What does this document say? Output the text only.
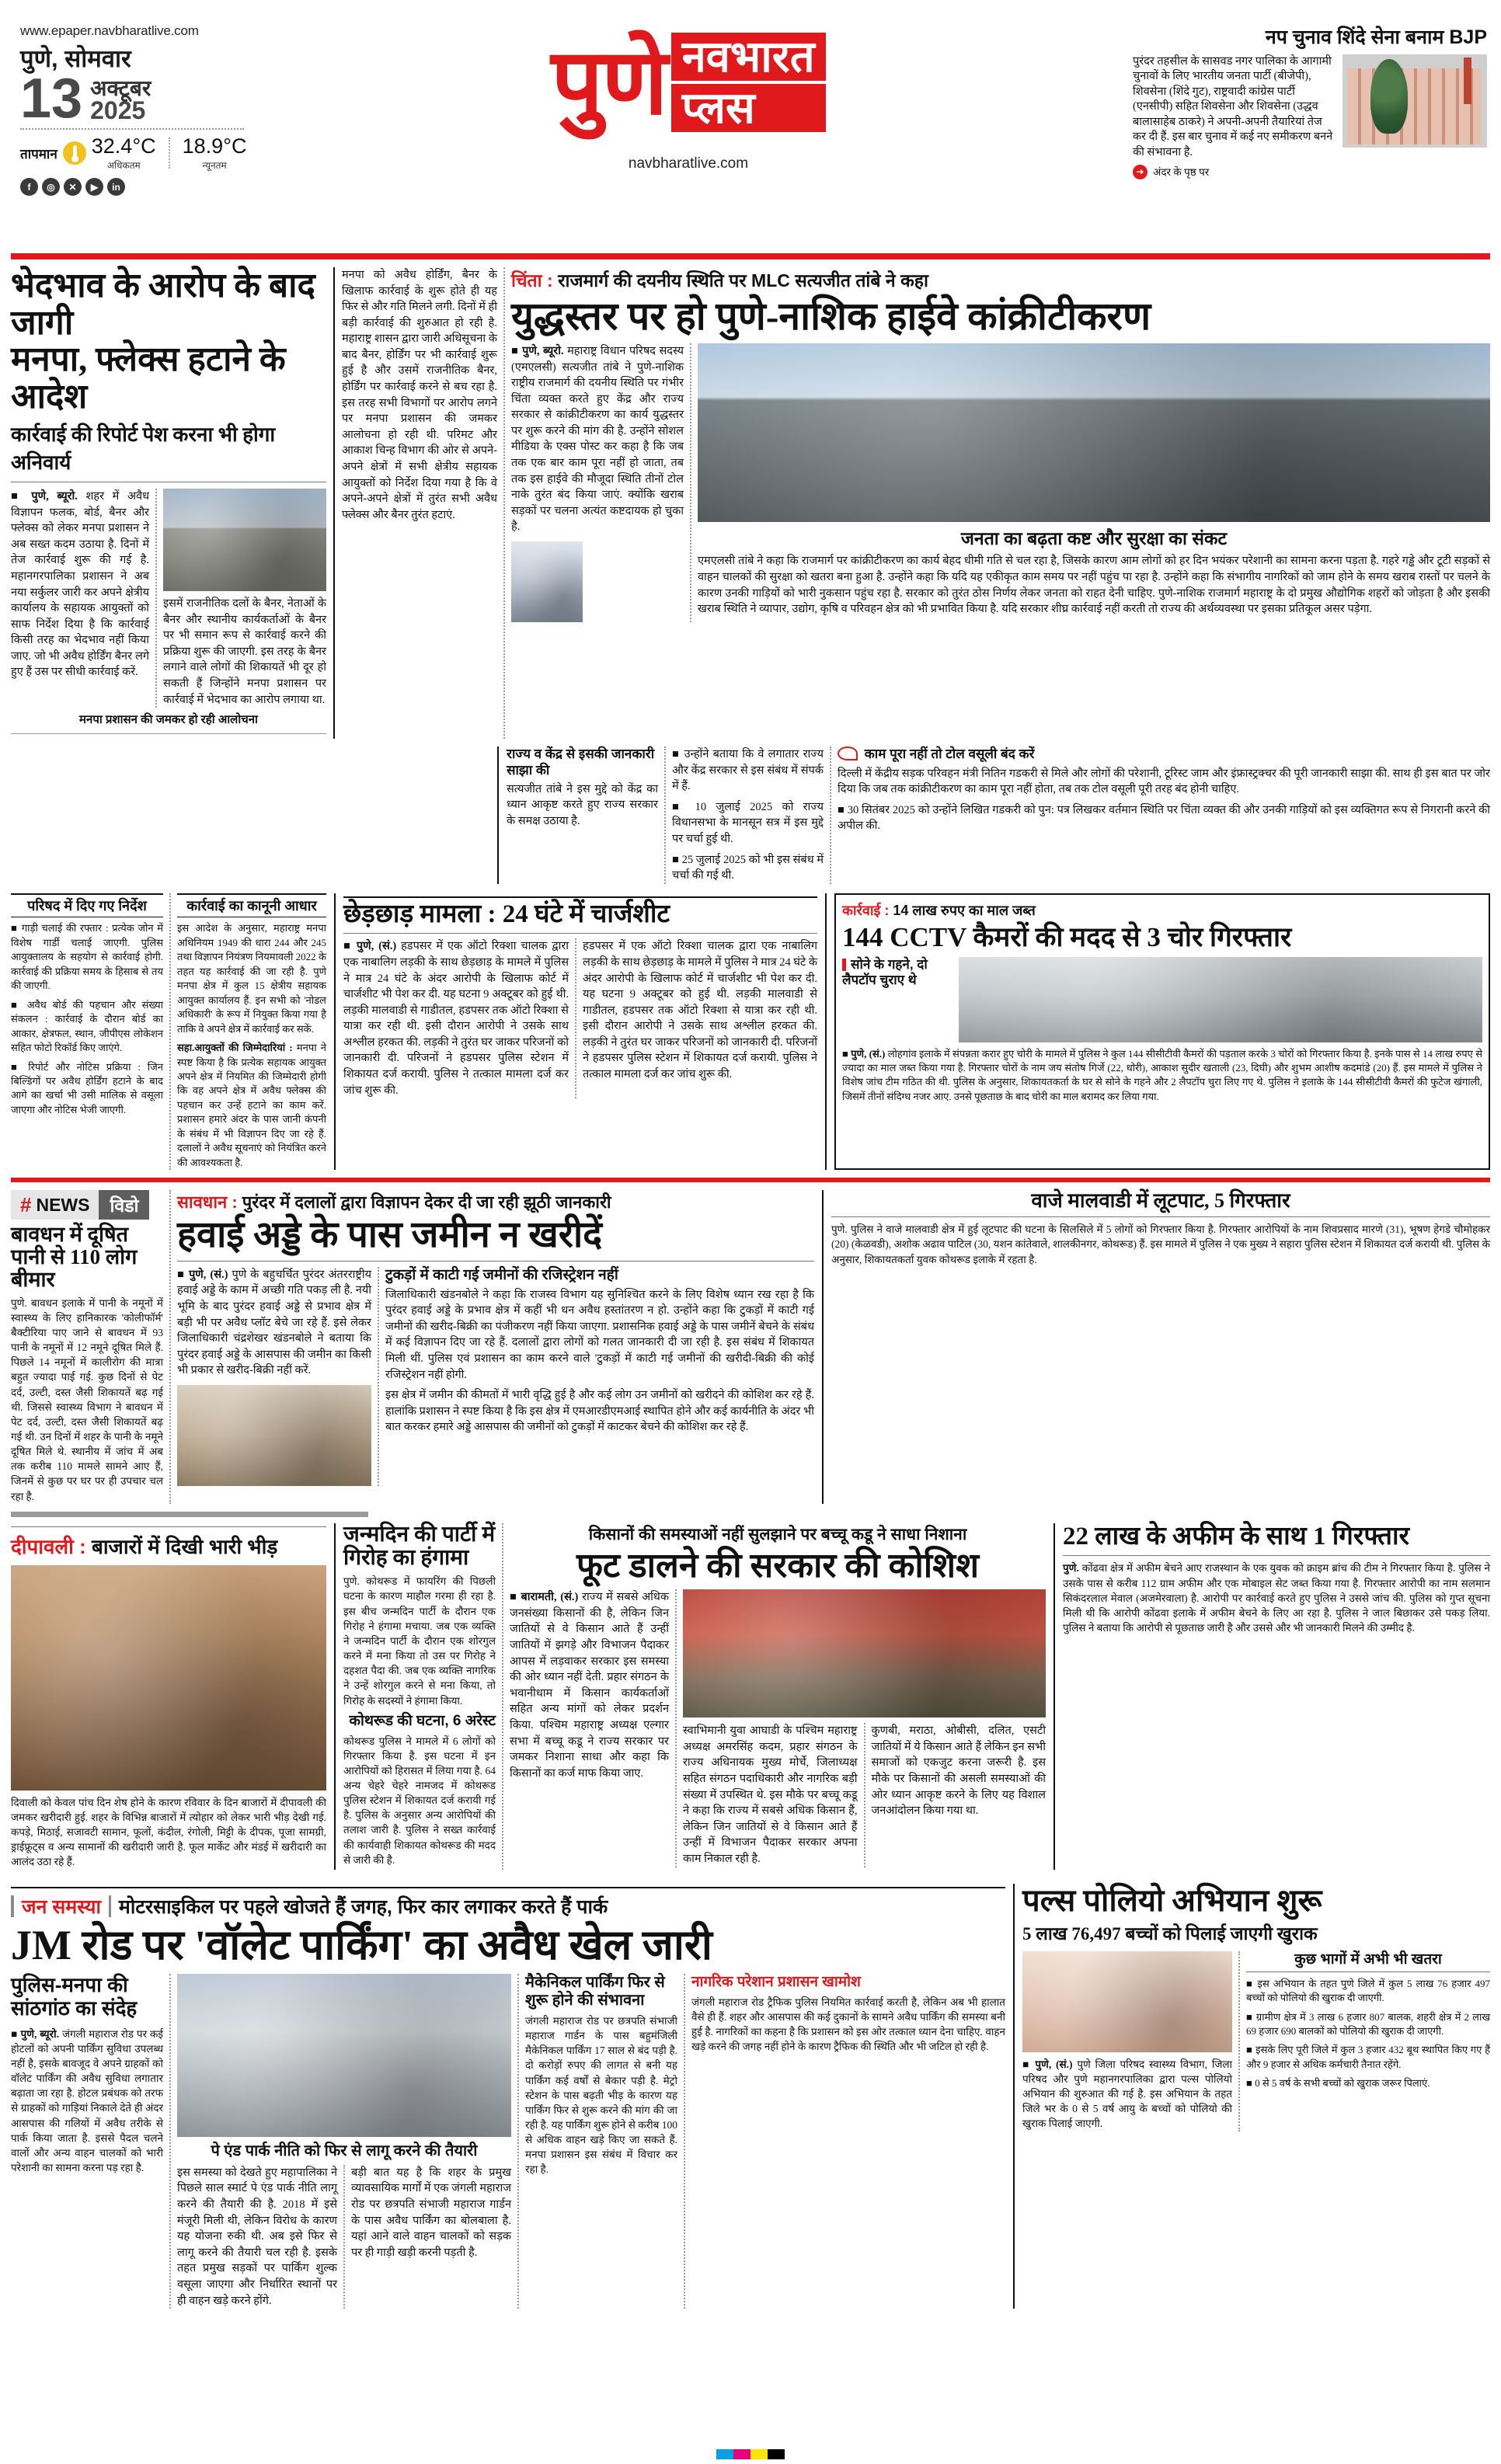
www.epaper.navbharatlive.com
पुणे, सोमवार
13 अक्टूबर
2025
तापमान 32.4°C
अधिकतम
18.9°C
न्यूनतम
f	◎	✕	▶	in
पुणे नवभारत
प्लस
navbharatlive.com
नप चुनाव शिंदे सेना बनाम BJP
पुरंदर तहसील के सासवड नगर पालिका के आगामी चुनावों के लिए भारतीय जनता पार्टी (बीजेपी), शिवसेना (शिंदे गुट), राष्ट्रवादी कांग्रेस पार्टी (एनसीपी) सहित शिवसेना और शिवसेना (उद्धव बालासाहेब ठाकरे) ने अपनी-अपनी तैयारियां तेज कर दी हैं. इस बार चुनाव में कई नए समीकरण बनने की संभावना है.
➜ अंदर के पृष्ठ पर
भेदभाव के आरोप के बाद जागी
मनपा, फ्लेक्स हटाने के आदेश
कार्रवाई की रिपोर्ट पेश करना भी होगा अनिवार्य
■ पुणे, ब्यूरो. शहर में अवैध विज्ञापन फलक, बोर्ड, बैनर और फ्लेक्स को लेकर मनपा प्रशासन ने अब सख्त कदम उठाया है. दिनों में तेज कार्रवाई शुरू की गई है. महानगरपालिका प्रशासन ने अब नया सर्कुलर जारी कर अपने क्षेत्रीय कार्यालय के सहायक आयुक्तों को साफ निर्देश दिया है कि कार्रवाई किसी तरह का भेदभाव नहीं किया जाए. जो भी अवैध होर्डिंग बैनर लगे हुए हैं उस पर सीधी कार्रवाई करें.
इसमें राजनीतिक दलों के बैनर, नेताओं के बैनर और स्थानीय कार्यकर्ताओं के बैनर पर भी समान रूप से कार्रवाई करने की प्रक्रिया शुरू की जाएगी. इस तरह के बैनर लगाने वाले लोगों की शिकायतें भी दूर हो सकती हैं जिन्होंने मनपा प्रशासन पर कार्रवाई में भेदभाव का आरोप लगाया था.
मनपा प्रशासन की जमकर हो रही आलोचना
मनपा को अवैध होर्डिंग, बैनर के खिलाफ कार्रवाई के शुरू होते ही यह फिर से और गति मिलने लगी. दिनों में ही बड़ी कार्रवाई की शुरुआत हो रही है. महाराष्ट्र शासन द्वारा जारी अधिसूचना के बाद बैनर, होर्डिंग पर भी कार्रवाई शुरू हुई है और उसमें राजनीतिक बैनर, होर्डिंग पर कार्रवाई करने से बच रहा है. इस तरह सभी विभागों पर आरोप लगने पर मनपा प्रशासन की जमकर आलोचना हो रही थी. परिमट और आकाश चिन्ह विभाग की ओर से अपने-अपने क्षेत्रों में सभी क्षेत्रीय सहायक आयुक्तों को निर्देश दिया गया है कि वे अपने-अपने क्षेत्रों में तुरंत सभी अवैध फ्लेक्स और बैनर तुरंत हटाएं.
चिंता : राजमार्ग की दयनीय स्थिति पर MLC सत्यजीत तांबे ने कहा
युद्धस्तर पर हो पुणे-नाशिक हाईवे कांक्रीटीकरण
■ पुणे, ब्यूरो. महाराष्ट्र विधान परिषद सदस्य (एमएलसी) सत्यजीत तांबे ने पुणे-नाशिक राष्ट्रीय राजमार्ग की दयनीय स्थिति पर गंभीर चिंता व्यक्त करते हुए केंद्र और राज्य सरकार से कांक्रीटीकरण का कार्य युद्धस्तर पर शुरू करने की मांग की है. उन्होंने सोशल मीडिया के एक्स पोस्ट कर कहा है कि जब तक एक बार काम पूरा नहीं हो जाता, तब तक इस हाईवे की मौजूदा स्थिति तीनों टोल नाके तुरंत बंद किया जाएं. क्योंकि खराब सड़कों पर चलना अत्यंत कष्टदायक हो चुका है.
जनता का बढ़ता कष्ट और सुरक्षा का संकट
एमएलसी तांबे ने कहा कि राजमार्ग पर कांक्रीटीकरण का कार्य बेहद धीमी गति से चल रहा है, जिसके कारण आम लोगों को हर दिन भयंकर परेशानी का सामना करना पड़ता है. गहरे गड्ढे और टूटी सड़कों से वाहन चालकों की सुरक्षा को खतरा बना हुआ है. उन्होंने कहा कि यदि यह एकीकृत काम समय पर नहीं पहुंच पा रहा है. उन्होंने कहा कि संभागीय नागरिकों को जाम होने के समय खराब रास्तों पर चलने के कारण उनकी गाड़ियों को भारी नुकसान पहुंच रहा है. सरकार को तुरंत ठोस निर्णय लेकर जनता को राहत देनी चाहिए. पुणे-नाशिक राजमार्ग महाराष्ट्र के दो प्रमुख औद्योगिक शहरों को जोड़ता है और इसकी खराब स्थिति ने व्यापार, उद्योग, कृषि व परिवहन क्षेत्र को भी प्रभावित किया है. यदि सरकार शीघ्र कार्रवाई नहीं करती तो राज्य की अर्थव्यवस्था पर इसका प्रतिकूल असर पड़ेगा.
राज्य व केंद्र से इसकी जानकारी साझा की
सत्यजीत तांबे ने इस मुद्दे को केंद्र का ध्यान आकृष्ट करते हुए राज्य सरकार के समक्ष उठाया है.
■ उन्होंने बताया कि वे लगातार राज्य और केंद्र सरकार से इस संबंध में संपर्क में हैं.
■ 10 जुलाई 2025 को राज्य विधानसभा के मानसून सत्र में इस मुद्दे पर चर्चा हुई थी.
■ 25 जुलाई 2025 को भी इस संबंध में चर्चा की गई थी.
काम पूरा नहीं तो टोल वसूली बंद करें
दिल्ली में केंद्रीय सड़क परिवहन मंत्री नितिन गडकरी से मिले और लोगों की परेशानी, टूरिस्ट जाम और इंफ्रास्ट्रक्चर की पूरी जानकारी साझा की. साथ ही इस बात पर जोर दिया कि जब तक कांक्रीटीकरण का काम पूरा नहीं होता, तब तक टोल वसूली पूरी तरह बंद होनी चाहिए.
■ 30 सितंबर 2025 को उन्होंने लिखित गडकरी को पुन: पत्र लिखकर वर्तमान स्थिति पर चिंता व्यक्त की और उनकी गाड़ियों को इस व्यक्तिगत रूप से निगरानी करने की अपील की.
परिषद में दिए गए निर्देश
■ गाड़ी चलाई की रफ्तार : प्रत्येक जोन में विशेष गार्डी चलाई जाएगी. पुलिस आयुक्तालय के सहयोग से कार्रवाई होगी. कार्रवाई की प्रक्रिया समय के हिसाब से तय की जाएगी.
■ अवैध बोर्ड की पहचान और संख्या संकलन : कार्रवाई के दौरान बोर्ड का आकार, क्षेत्रफल, स्थान, जीपीएस लोकेशन सहित फोटो रिकॉर्ड किए जाएंगे.
■ रिपोर्ट और नोटिस प्रक्रिया : जिन बिल्डिंगों पर अवैध होर्डिंग हटाने के बाद आगे का खर्चा भी उसी मालिक से वसूला जाएगा और नोटिस भेजी जाएगी.
कार्रवाई का कानूनी आधार
इस आदेश के अनुसार, महाराष्ट्र मनपा अधिनियम 1949 की धारा 244 और 245 तथा विज्ञापन नियंत्रण नियमावली 2022 के तहत यह कार्रवाई की जा रही है. पुणे मनपा क्षेत्र में कुल 15 क्षेत्रीय सहायक आयुक्त कार्यालय हैं. इन सभी को 'नोडल अधिकारी' के रूप में नियुक्त किया गया है ताकि वे अपने क्षेत्र में कार्रवाई कर सकें.
सहा.आयुक्तों की जिम्मेदारियां : मनपा ने स्पष्ट किया है कि प्रत्येक सहायक आयुक्त अपने क्षेत्र में नियमित की जिम्मेदारी होगी कि वह अपने क्षेत्र में अवैध फ्लेक्स की पहचान कर उन्हें हटाने का काम करें. प्रशासन हमारे अंदर के पास जानी कंपनी के संबंध में भी विज्ञापन दिए जा रहे हैं. दलालों ने अवैध सूचनाएं को नियंत्रित करने की आवश्यकता है.
छेड़छाड़ मामला : 24 घंटे में चार्जशीट
■ पुणे, (सं.) हडपसर में एक ऑटो रिक्शा चालक द्वारा एक नाबालिग लड़की के साथ छेड़छाड़ के मामले में पुलिस ने मात्र 24 घंटे के अंदर आरोपी के खिलाफ कोर्ट में चार्जशीट भी पेश कर दी. यह घटना 9 अक्टूबर को हुई थी. लड़की मालवाडी से गाडीतल, हडपसर तक ऑटो रिक्शा से यात्रा कर रही थी. इसी दौरान आरोपी ने उसके साथ अश्लील हरकत की. लड़की ने तुरंत घर जाकर परिजनों को जानकारी दी. परिजनों ने हडपसर पुलिस स्टेशन में शिकायत दर्ज करायी. पुलिस ने तत्काल मामला दर्ज कर जांच शुरू की.
हडपसर में एक ऑटो रिक्शा चालक द्वारा एक नाबालिग लड़की के साथ छेड़छाड़ के मामले में पुलिस ने मात्र 24 घंटे के अंदर आरोपी के खिलाफ कोर्ट में चार्जशीट भी पेश कर दी. यह घटना 9 अक्टूबर को हुई थी. लड़की मालवाडी से गाडीतल, हडपसर तक ऑटो रिक्शा से यात्रा कर रही थी. इसी दौरान आरोपी ने उसके साथ अश्लील हरकत की. लड़की ने तुरंत घर जाकर परिजनों को जानकारी दी. परिजनों ने हडपसर पुलिस स्टेशन में शिकायत दर्ज करायी. पुलिस ने तत्काल मामला दर्ज कर जांच शुरू की.
कार्रवाई : 14 लाख रुपए का माल जब्त
144 CCTV कैमरों की मदद से 3 चोर गिरफ्तार
सोने के गहने, दो लैपटॉप चुराए थे
■ पुणे, (सं.) लोहगांव इलाके में संपन्नता करार हुए चोरी के मामले में पुलिस ने कुल 144 सीसीटीवी कैमरों की पड़ताल करके 3 चोरों को गिरफ्तार किया है. इनके पास से 14 लाख रुपए से ज्यादा का माल जब्त किया गया है. गिरफ्तार चोरों के नाम जय संतोष गिर्जे (22, धोरी), आकाश सुदीर खताली (23, दिघी) और शुभम आशीष कदमांडे (20) हैं. इस मामले में पुलिस ने विशेष जांच टीम गठित की थी. पुलिस के अनुसार, शिकायतकर्ता के घर से सोने के गहने और 2 लैपटॉप चुरा लिए गए थे. पुलिस ने इलाके के 144 सीसीटीवी कैमरों की फुटेज खंगाली, जिसमें तीनों संदिग्ध नजर आए. उनसे पूछताछ के बाद चोरी का माल बरामद कर लिया गया.
# NEWS	विडो
बावधन में दूषित पानी से 110 लोग बीमार
पुणे. बावधन इलाके में पानी के नमूनों में स्वास्थ्य के लिए हानिकारक 'कोलीफॉर्म' बैक्टीरिया पाए जाने से बावधन में 93 पानी के नमूनों में 12 नमूने दूषित मिले हैं. पिछले 14 नमूनों में कालीरोग की मात्रा बहुत ज्यादा पाई गई. कुछ दिनों से पेट दर्द, उल्टी, दस्त जैसी शिकायतें बढ़ गई थी. जिससे स्वास्थ्य विभाग ने बावधन में पेट दर्द, उल्टी, दस्त जैसी शिकायतें बढ़ गई थी. उन दिनों में शहर के पानी के नमूने दूषित मिले थे. स्थानीय में जांच में अब तक करीब 110 मामले सामने आए हैं, जिनमें से कुछ पर घर पर ही उपचार चल रहा है.
सावधान : पुरंदर में दलालों द्वारा विज्ञापन देकर दी जा रही झूठी जानकारी
हवाई अड्डे के पास जमीन न खरीदें
■ पुणे, (सं.) पुणे के बहुचर्चित पुरंदर अंतरराष्ट्रीय हवाई अड्डे के काम में अच्छी गति पकड़ ली है. नयी भूमि के बाद पुरंदर हवाई अड्डे से प्रभाव क्षेत्र में बड़ी भी पर अवैध प्लॉट बेचे जा रहे हैं. इसे लेकर जिलाधिकारी चंद्रशेखर खंडनबोले ने बताया कि पुरंदर हवाई अड्डे के आसपास की जमीन का किसी भी प्रकार से खरीद-बिक्री नहीं करें.
टुकड़ों में काटी गई जमीनों की रजिस्ट्रेशन नहीं
जिलाधिकारी खंडनबोले ने कहा कि राजस्व विभाग यह सुनिश्चित करने के लिए विशेष ध्यान रख रहा है कि पुरंदर हवाई अड्डे के प्रभाव क्षेत्र में कहीं भी धन अवैध हस्तांतरण न हो. उन्होंने कहा कि टुकड़ों में काटी गई जमीनों की खरीद-बिक्री का पंजीकरण नहीं किया जाएगा. प्रशासनिक हवाई अड्डे के पास जमीनें बेचने के संबंध में कई विज्ञापन दिए जा रहे हैं. दलालों द्वारा लोगों को गलत जानकारी दी जा रही है. इस संबंध में शिकायत मिली थीं. पुलिस एवं प्रशासन का काम करने वाले 'टुकड़ों में काटी गई जमीनों की खरीदी-बिक्री की कोई रजिस्ट्रेशन नहीं होगी.
इस क्षेत्र में जमीन की कीमतों में भारी वृद्धि हुई है और कई लोग उन जमीनों को खरीदने की कोशिश कर रहे हैं. हालांकि प्रशासन ने स्पष्ट किया है कि इस क्षेत्र में एमआरडीएमआई स्थापित होने और कई कार्यनीति के अंदर भी बात करकर हमारे अड्डे आसपास की जमीनों को टुकड़ों में काटकर बेचने की कोशिश कर रहे हैं.
वाजे मालवाडी में लूटपाट, 5 गिरफ्तार
पुणे. पुलिस ने वाजे मालवाडी क्षेत्र में हुई लूटपाट की घटना के सिलसिले में 5 लोगों को गिरफ्तार किया है. गिरफ्तार आरोपियों के नाम शिवप्रसाद मारणे (31), भूषण हेगडे चौमोहकर (20) (केळवडी), अशोक अढाव पाटिल (30, यशन कांतेवाले, शालकीनगर, कोथरूड) हैं. इस मामले में पुलिस ने एक मुख्य ने सहारा पुलिस स्टेशन में शिकायत दर्ज करायी थी. पुलिस के अनुसार, शिकायतकर्ता युवक कोथरूड इलाके में रहता है.
दीपावली : बाजारों में दिखी भारी भीड़
दिवाली को केवल पांच दिन शेष होने के कारण रविवार के दिन बाजारों में दीपावली की जमकर खरीदारी हुई. शहर के विभिन्न बाजारों में त्योहार को लेकर भारी भीड़ देखी गई. कपड़े, मिठाई, सजावटी सामान, फूलों, कंदील, रंगोली, मिट्टी के दीपक, पूजा सामग्री, ड्राईफ्रूट्स व अन्य सामानों की खरीदारी जारी है. फूल मार्केट और मंडई में खरीदारी का आलंद उठा रहे हैं.
जन्मदिन की पार्टी में गिरोह का हंगामा
पुणे. कोथरूड में फायरिंग की पिछली घटना के कारण माहौल गरमा ही रहा है. इस बीच जन्मदिन पार्टी के दौरान एक गिरोह ने हंगामा मचाया. जब एक व्यक्ति ने जन्मदिन पार्टी के दौरान एक शोरगुल करने में मना किया तो उस पर गिरोह ने दहशत पैदा की. जब एक व्यक्ति नागरिक ने उन्हें शोरगुल करने से मना किया, तो गिरोह के सदस्यों ने हंगामा किया.
कोथरूड की घटना, 6 अरेस्ट
कोथरूड पुलिस ने मामले में 6 लोगों को गिरफ्तार किया है. इस घटना में इन आरोपियों को हिरासत में लिया गया है. 64 अन्य चेहरे चेहरे नामजद में कोथरूड पुलिस स्टेशन में शिकायत दर्ज करायी गई है. पुलिस के अनुसार अन्य आरोपियों की तलाश जारी है. पुलिस ने सख्त कार्रवाई की कार्यवाही शिकायत कोथरूड की मदद से जारी की है.
किसानों की समस्याओं नहीं सुलझाने पर बच्चू कडू ने साधा निशाना
फूट डालने की सरकार की कोशिश
■ बारामती, (सं.) राज्य में सबसे अधिक जनसंख्या किसानों की है, लेकिन जिन जातियों से वे किसान आते हैं उन्हीं जातियों में झगड़े और विभाजन पैदाकर आपस में लड़वाकर सरकार इस समस्या की ओर ध्यान नहीं देती. प्रहार संगठन के भवानीधाम में किसान कार्यकर्ताओं सहित अन्य मांगों को लेकर प्रदर्शन किया. पश्चिम महाराष्ट्र अध्यक्ष एल्गार सभा में बच्चू कडू ने राज्य सरकार पर जमकर निशाना साधा और कहा कि किसानों का कर्ज माफ किया जाए.
स्वाभिमानी युवा आघाडी के पश्चिम महाराष्ट्र अध्यक्ष अमरसिंह कदम, प्रहार संगठन के राज्य अधिनायक मुख्य मोर्चे, जिलाध्यक्ष सहित संगठन पदाधिकारी और नागरिक बड़ी संख्या में उपस्थित थे. इस मौके पर बच्चू कडू ने कहा कि राज्य में सबसे अधिक किसान हैं, लेकिन जिन जातियों से वे किसान आते हैं उन्हीं में विभाजन पैदाकर सरकार अपना काम निकाल रही है.
कुणबी, मराठा, ओबीसी, दलित, एसटी जातियों में ये किसान आते हैं लेकिन इन सभी समाजों को एकजुट करना जरूरी है. इस मौके पर किसानों की असली समस्याओं की ओर ध्यान आकृष्ट करने के लिए यह विशाल जनआंदोलन किया गया था.
22 लाख के अफीम के साथ 1 गिरफ्तार
पुणे. कोंढवा क्षेत्र में अफीम बेचने आए राजस्थान के एक युवक को क्राइम ब्रांच की टीम ने गिरफ्तार किया है. पुलिस ने उसके पास से करीब 112 ग्राम अफीम और एक मोबाइल सेट जब्त किया गया है. गिरफ्तार आरोपी का नाम सलमान सिकंदरलाल मेवाल (अजमेरवाला) है. आरोपी पर कार्रवाई करते हुए पुलिस ने उससे जांच की. पुलिस को गुप्त सूचना मिली थी कि आरोपी कोंढवा इलाके में अफीम बेचने के लिए आ रहा है. पुलिस ने जाल बिछाकर उसे पकड़ लिया. पुलिस ने बताया कि आरोपी से पूछताछ जारी है और उससे और भी जानकारी मिलने की उम्मीद है.
जन समस्या मोटरसाइकिल पर पहले खोजते हैं जगह, फिर कार लगाकर करते हैं पार्क
JM रोड पर 'वॉलेट पार्किंग' का अवैध खेल जारी
पुलिस-मनपा की सांठगांठ का संदेह
■ पुणे, ब्यूरो. जंगली महाराज रोड पर कई होटलों को अपनी पार्किंग सुविधा उपलब्ध नहीं है, इसके बावजूद वे अपने ग्राहकों को वॉलेट पार्किंग की अवैध सुविधा लगातार बढ़ाता जा रहा है. होटल प्रबंधक को तरफ से ग्राहकों को गाड़ियां निकाले देते ही अंदर आसपास की गलियों में अवैध तरीके से पार्क किया जाता है. इससे पैदल चलने वालों और अन्य वाहन चालकों को भारी परेशानी का सामना करना पड़ रहा है.
पे एंड पार्क नीति को फिर से लागू करने की तैयारी
इस समस्या को देखते हुए महापालिका ने पिछले साल स्मार्ट पे एंड पार्क नीति लागू करने की तैयारी की है. 2018 में इसे मंजूरी मिली थी, लेकिन विरोध के कारण यह योजना रुकी थी. अब इसे फिर से लागू करने की तैयारी चल रही है. इसके तहत प्रमुख सड़कों पर पार्किंग शुल्क वसूला जाएगा और निर्धारित स्थानों पर ही वाहन खड़े करने होंगे.
बड़ी बात यह है कि शहर के प्रमुख व्यावसायिक मार्गों में एक जंगली महाराज रोड पर छत्रपति संभाजी महाराज गार्डन के पास अवैध पार्किंग का बोलबाला है. यहां आने वाले वाहन चालकों को सड़क पर ही गाड़ी खड़ी करनी पड़ती है.
मैकेनिकल पार्किंग फिर से शुरू होने की संभावना
जंगली महाराज रोड पर छत्रपति संभाजी महाराज गार्डन के पास बहुमंजिली मैकेनिकल पार्किंग 17 साल से बंद पड़ी है. दो करोड़ों रुपए की लागत से बनी यह पार्किंग कई वर्षों से बेकार पड़ी है. मेट्रो स्टेशन के पास बढ़ती भीड़ के कारण यह पार्किंग फिर से शुरू करने की मांग की जा रही है. यह पार्किंग शुरू होने से करीब 100 से अधिक वाहन खड़े किए जा सकते हैं. मनपा प्रशासन इस संबंध में विचार कर रहा है.
नागरिक परेशान प्रशासन खामोश
जंगली महाराज रोड ट्रैफिक पुलिस नियमित कार्रवाई करती है, लेकिन अब भी हालात वैसे ही हैं. शहर और आसपास की कई दुकानों के सामने अवैध पार्किंग की समस्या बनी हुई है. नागरिकों का कहना है कि प्रशासन को इस ओर तत्काल ध्यान देना चाहिए. वाहन खड़े करने की जगह नहीं होने के कारण ट्रैफिक की स्थिति और भी जटिल हो रही है.
पल्स पोलियो अभियान शुरू
5 लाख 76,497 बच्चों को पिलाई जाएगी खुराक
■ पुणे, (सं.) पुणे जिला परिषद स्वास्थ्य विभाग, जिला परिषद और पुणे महानगरपालिका द्वारा पल्स पोलियो अभियान की शुरुआत की गई है. इस अभियान के तहत जिले भर के 0 से 5 वर्ष आयु के बच्चों को पोलियो की खुराक पिलाई जाएगी.
कुछ भागों में अभी भी खतरा
■ इस अभियान के तहत पुणे जिले में कुल 5 लाख 76 हजार 497 बच्चों को पोलियो की खुराक दी जाएगी.
■ ग्रामीण क्षेत्र में 3 लाख 6 हजार 807 बालक, शहरी क्षेत्र में 2 लाख 69 हजार 690 बालकों को पोलियो की खुराक दी जाएगी.
■ इसके लिए पूरी जिले में कुल 3 हजार 432 बूथ स्थापित किए गए हैं और 9 हजार से अधिक कर्मचारी तैनात रहेंगे.
■ 0 से 5 वर्ष के सभी बच्चों को खुराक जरूर पिलाएं.
